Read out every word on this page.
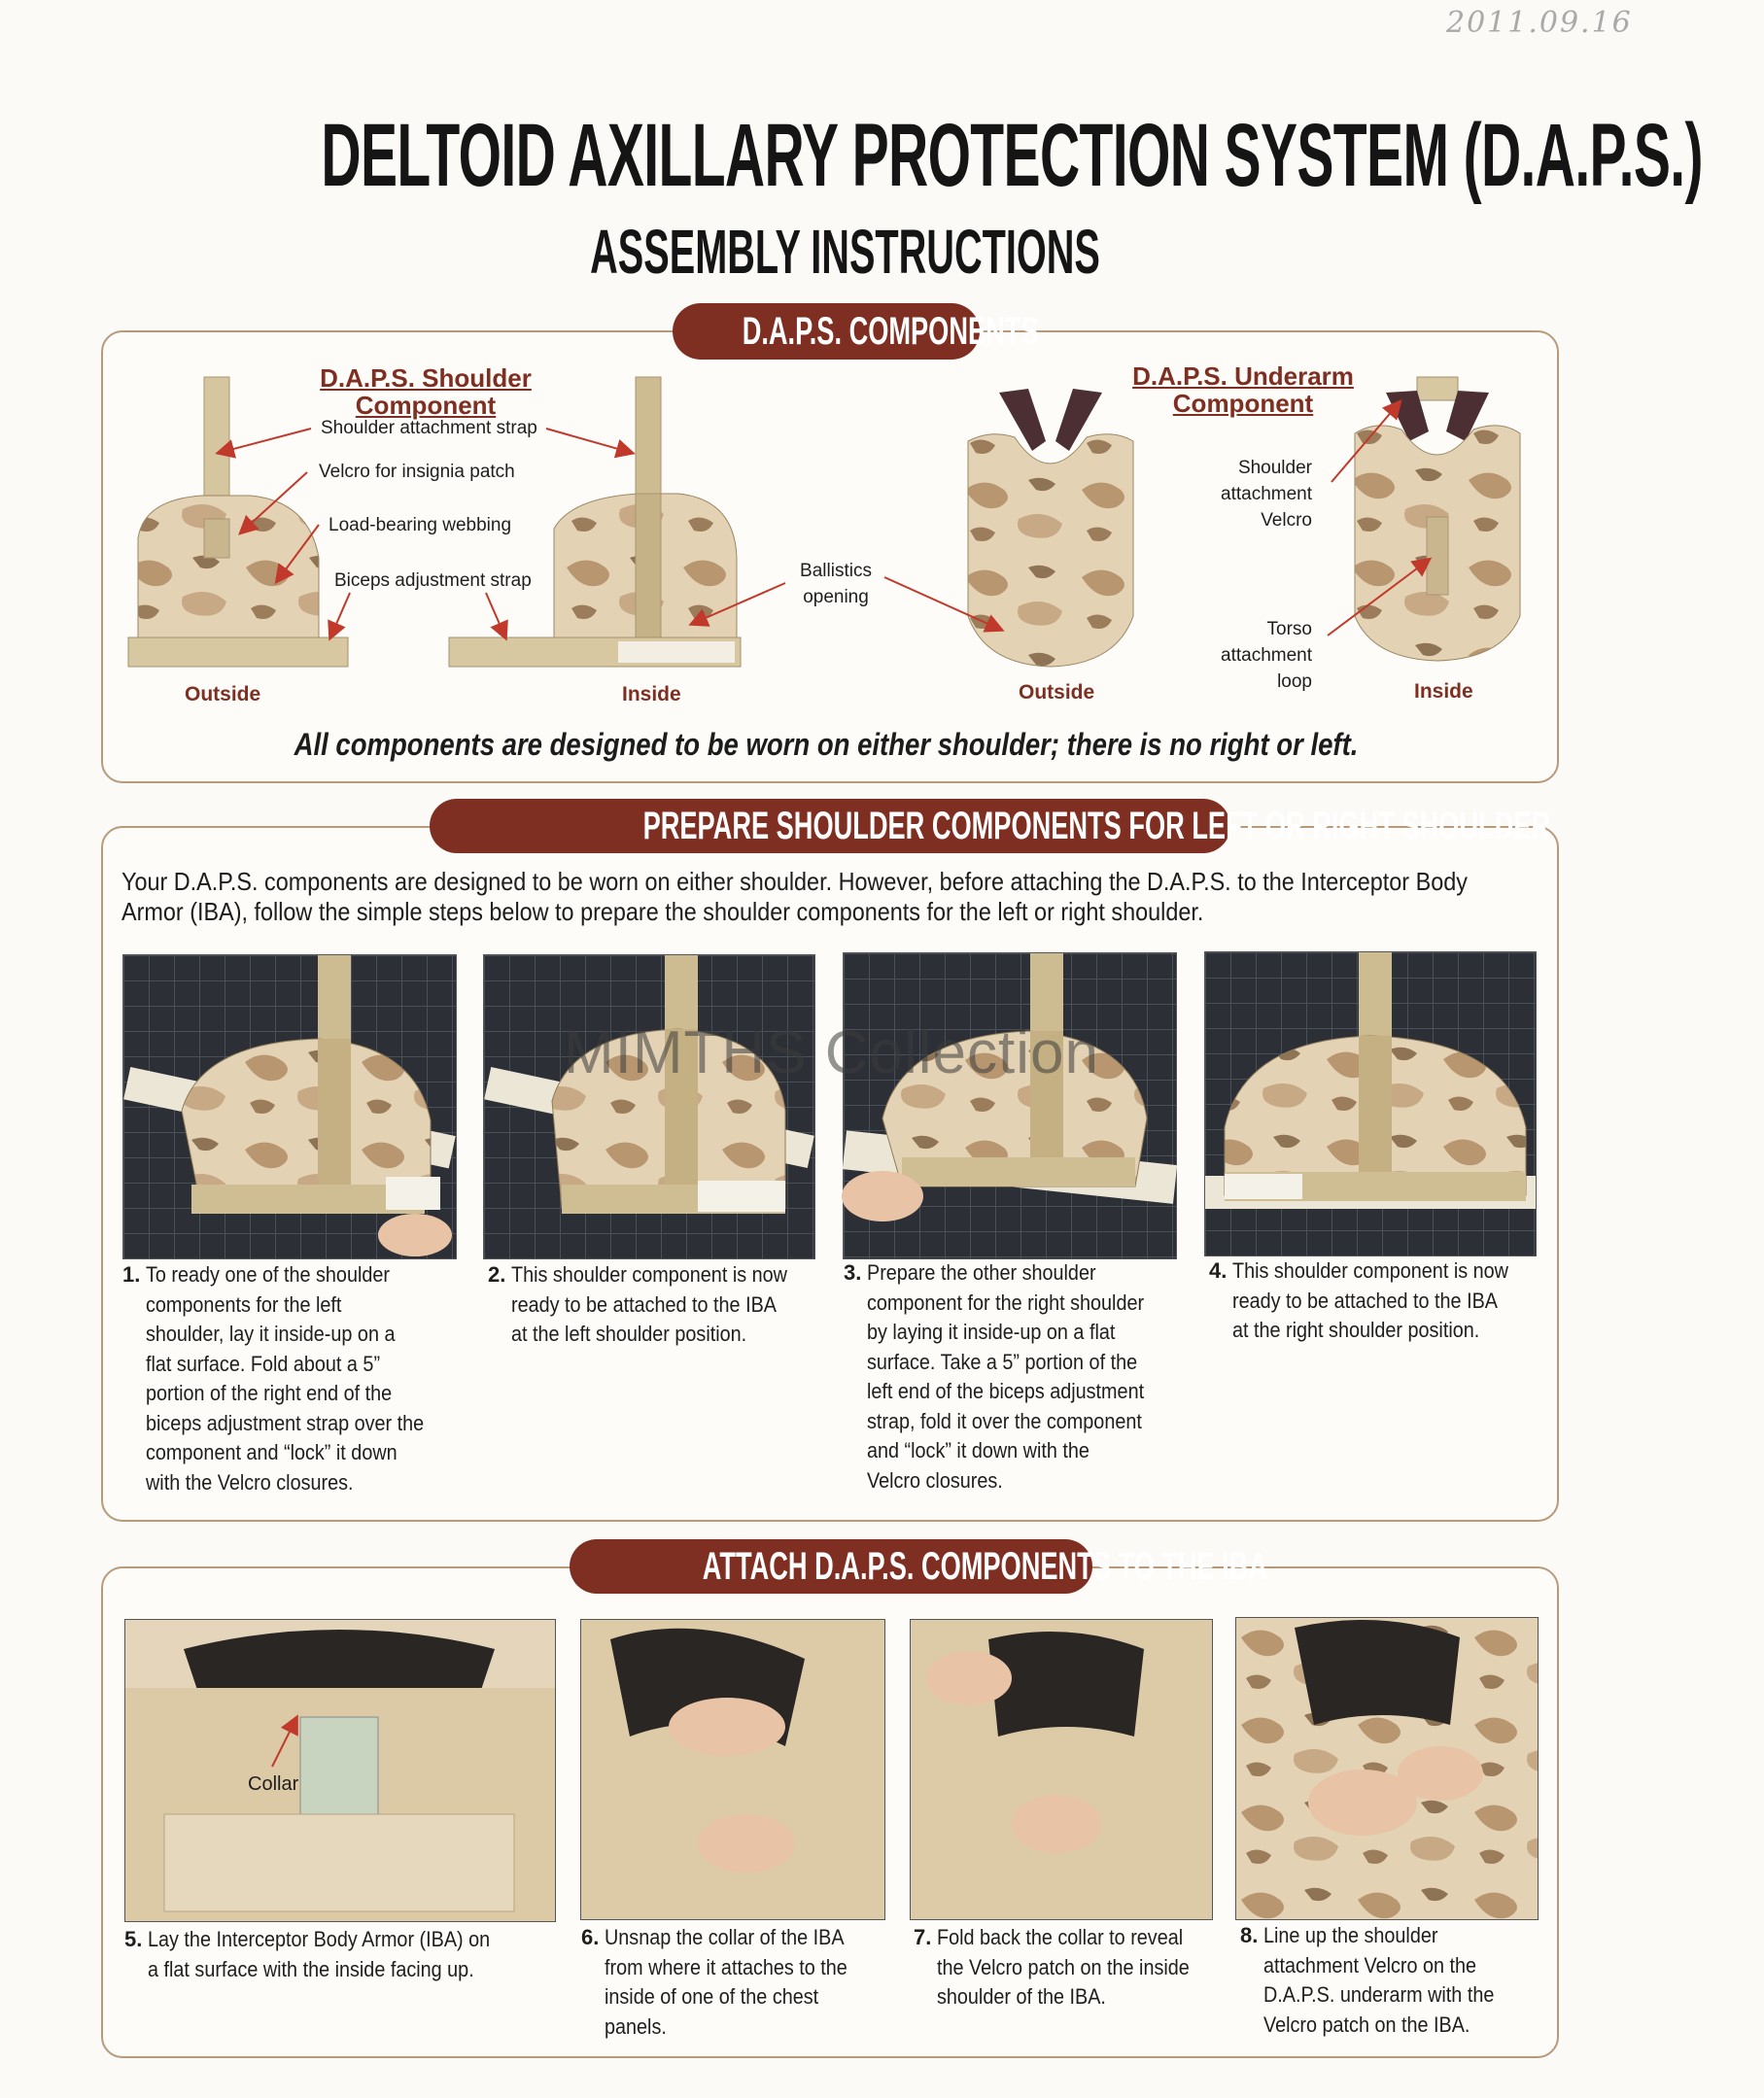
2011.09.16
DELTOID AXILLARY PROTECTION SYSTEM (D.A.P.S.)
ASSEMBLY INSTRUCTIONS
D.A.P.S. COMPONENTS
D.A.P.S. Shoulder Component
D.A.P.S. Underarm
Component
Shoulder attachment strap
Velcro for insignia patch
Load-bearing webbing
Biceps adjustment strap	Ballistics
opening
Shoulder
attachment
Velcro
Torso
attachment
loop
Outside	Inside	Outside	Inside
All components are designed to be worn on either shoulder; there is no right or left.
PREPARE SHOULDER COMPONENTS FOR LEFT OR RIGHT SHOULDER
Your D.A.P.S. components are designed to be worn on either shoulder. However, before attaching the D.A.P.S. to the Interceptor Body
Armor (IBA), follow the simple steps below to prepare the shoulder components for the left or right shoulder.
MIMTHS Collection
1. To ready one of the shoulder
components for the left
shoulder, lay it inside-up on a
flat surface. Fold about a 5”
portion of the right end of the
biceps adjustment strap over the
component and “lock” it down
with the Velcro closures.
2. This shoulder component is now
ready to be attached to the IBA
at the left shoulder position.
3. Prepare the other shoulder
component for the right shoulder
by laying it inside-up on a flat
surface. Take a 5” portion of the
left end of the biceps adjustment
strap, fold it over the component
and “lock” it down with the
Velcro closures.
4. This shoulder component is now
ready to be attached to the IBA
at the right shoulder position.
ATTACH D.A.P.S. COMPONENTS TO THE IBA
Collar
5. Lay the Interceptor Body Armor (IBA) on
a flat surface with the inside facing up.
6. Unsnap the collar of the IBA
from where it attaches to the
inside of one of the chest
panels.
7. Fold back the collar to reveal
the Velcro patch on the inside
shoulder of the IBA.
8. Line up the shoulder
attachment Velcro on the
D.A.P.S. underarm with the
Velcro patch on the IBA.
